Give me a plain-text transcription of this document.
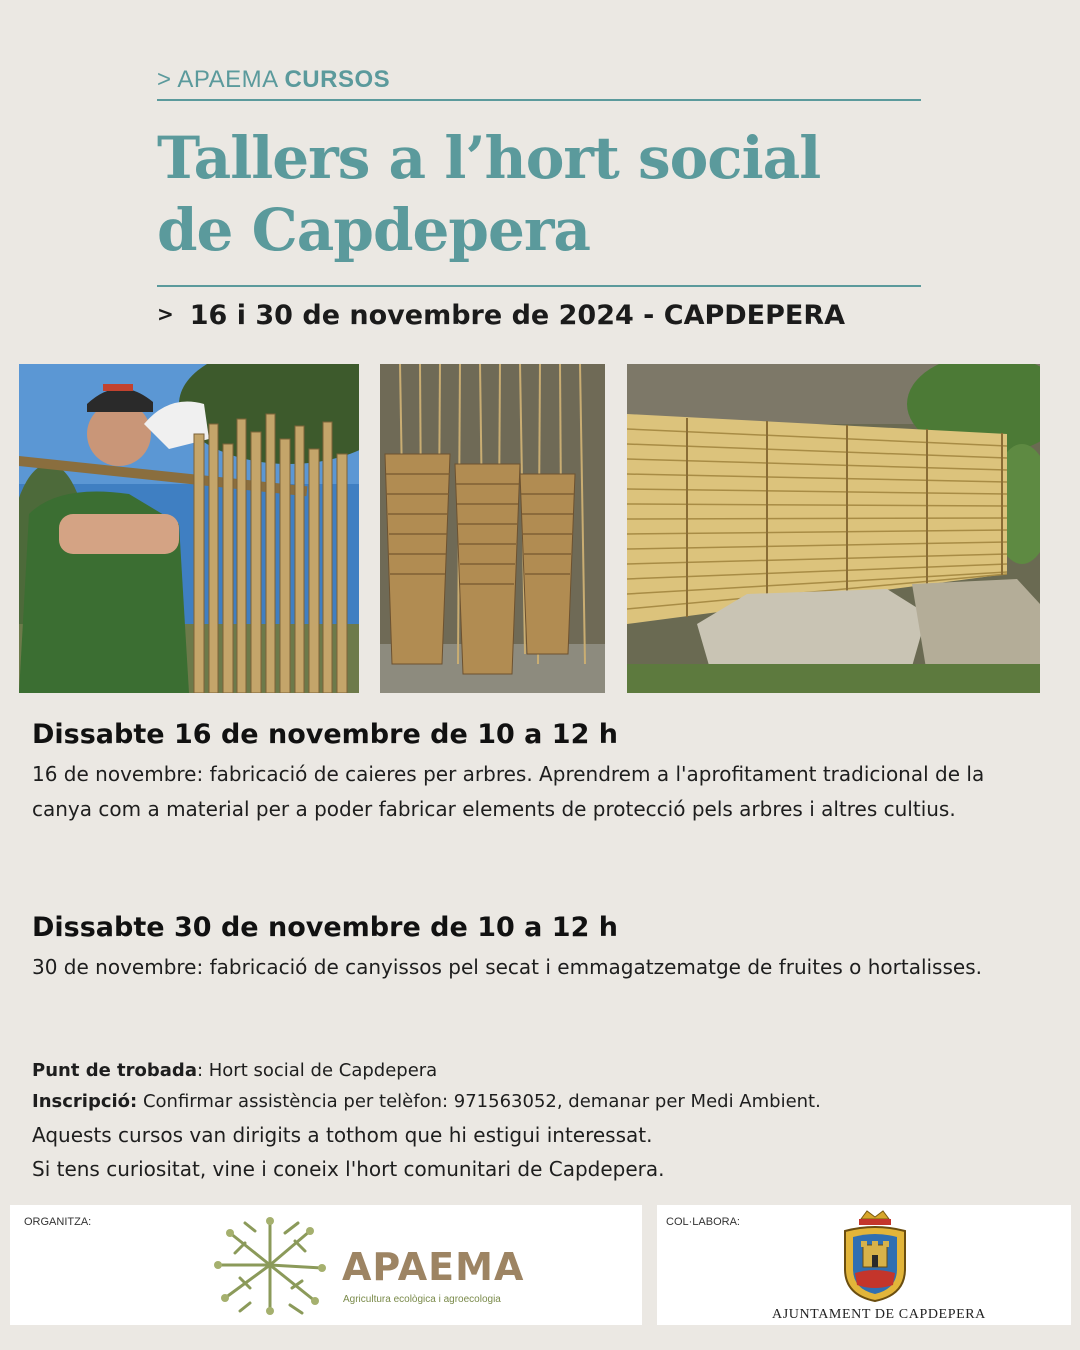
> APAEMA CURSOS
Tallers a l’hort social
de Capdepera
> 16 i 30 de novembre de 2024 - CAPDEPERA
Dissabte 16 de novembre de 10 a 12 h
16 de novembre: fabricació de caieres per arbres. Aprendrem a l'aprofitament tradicional de la canya com a material per a poder fabricar elements de protecció pels arbres i altres cultius.
Dissabte 30 de novembre de 10 a 12 h
30 de novembre: fabricació de canyissos pel secat i emmagatzematge de fruites o hortalisses.
Punt de trobada: Hort social de Capdepera
Inscripció: Confirmar assistència per telèfon: 971563052, demanar per Medi Ambient.
Aquests cursos van dirigits a tothom que hi estigui interessat.
Si tens curiositat, vine i coneix l'hort comunitari de Capdepera.
ORGANITZA:
APAEMA
Agricultura ecològica i agroecologia
COL·LABORA:
AJUNTAMENT DE CAPDEPERA
